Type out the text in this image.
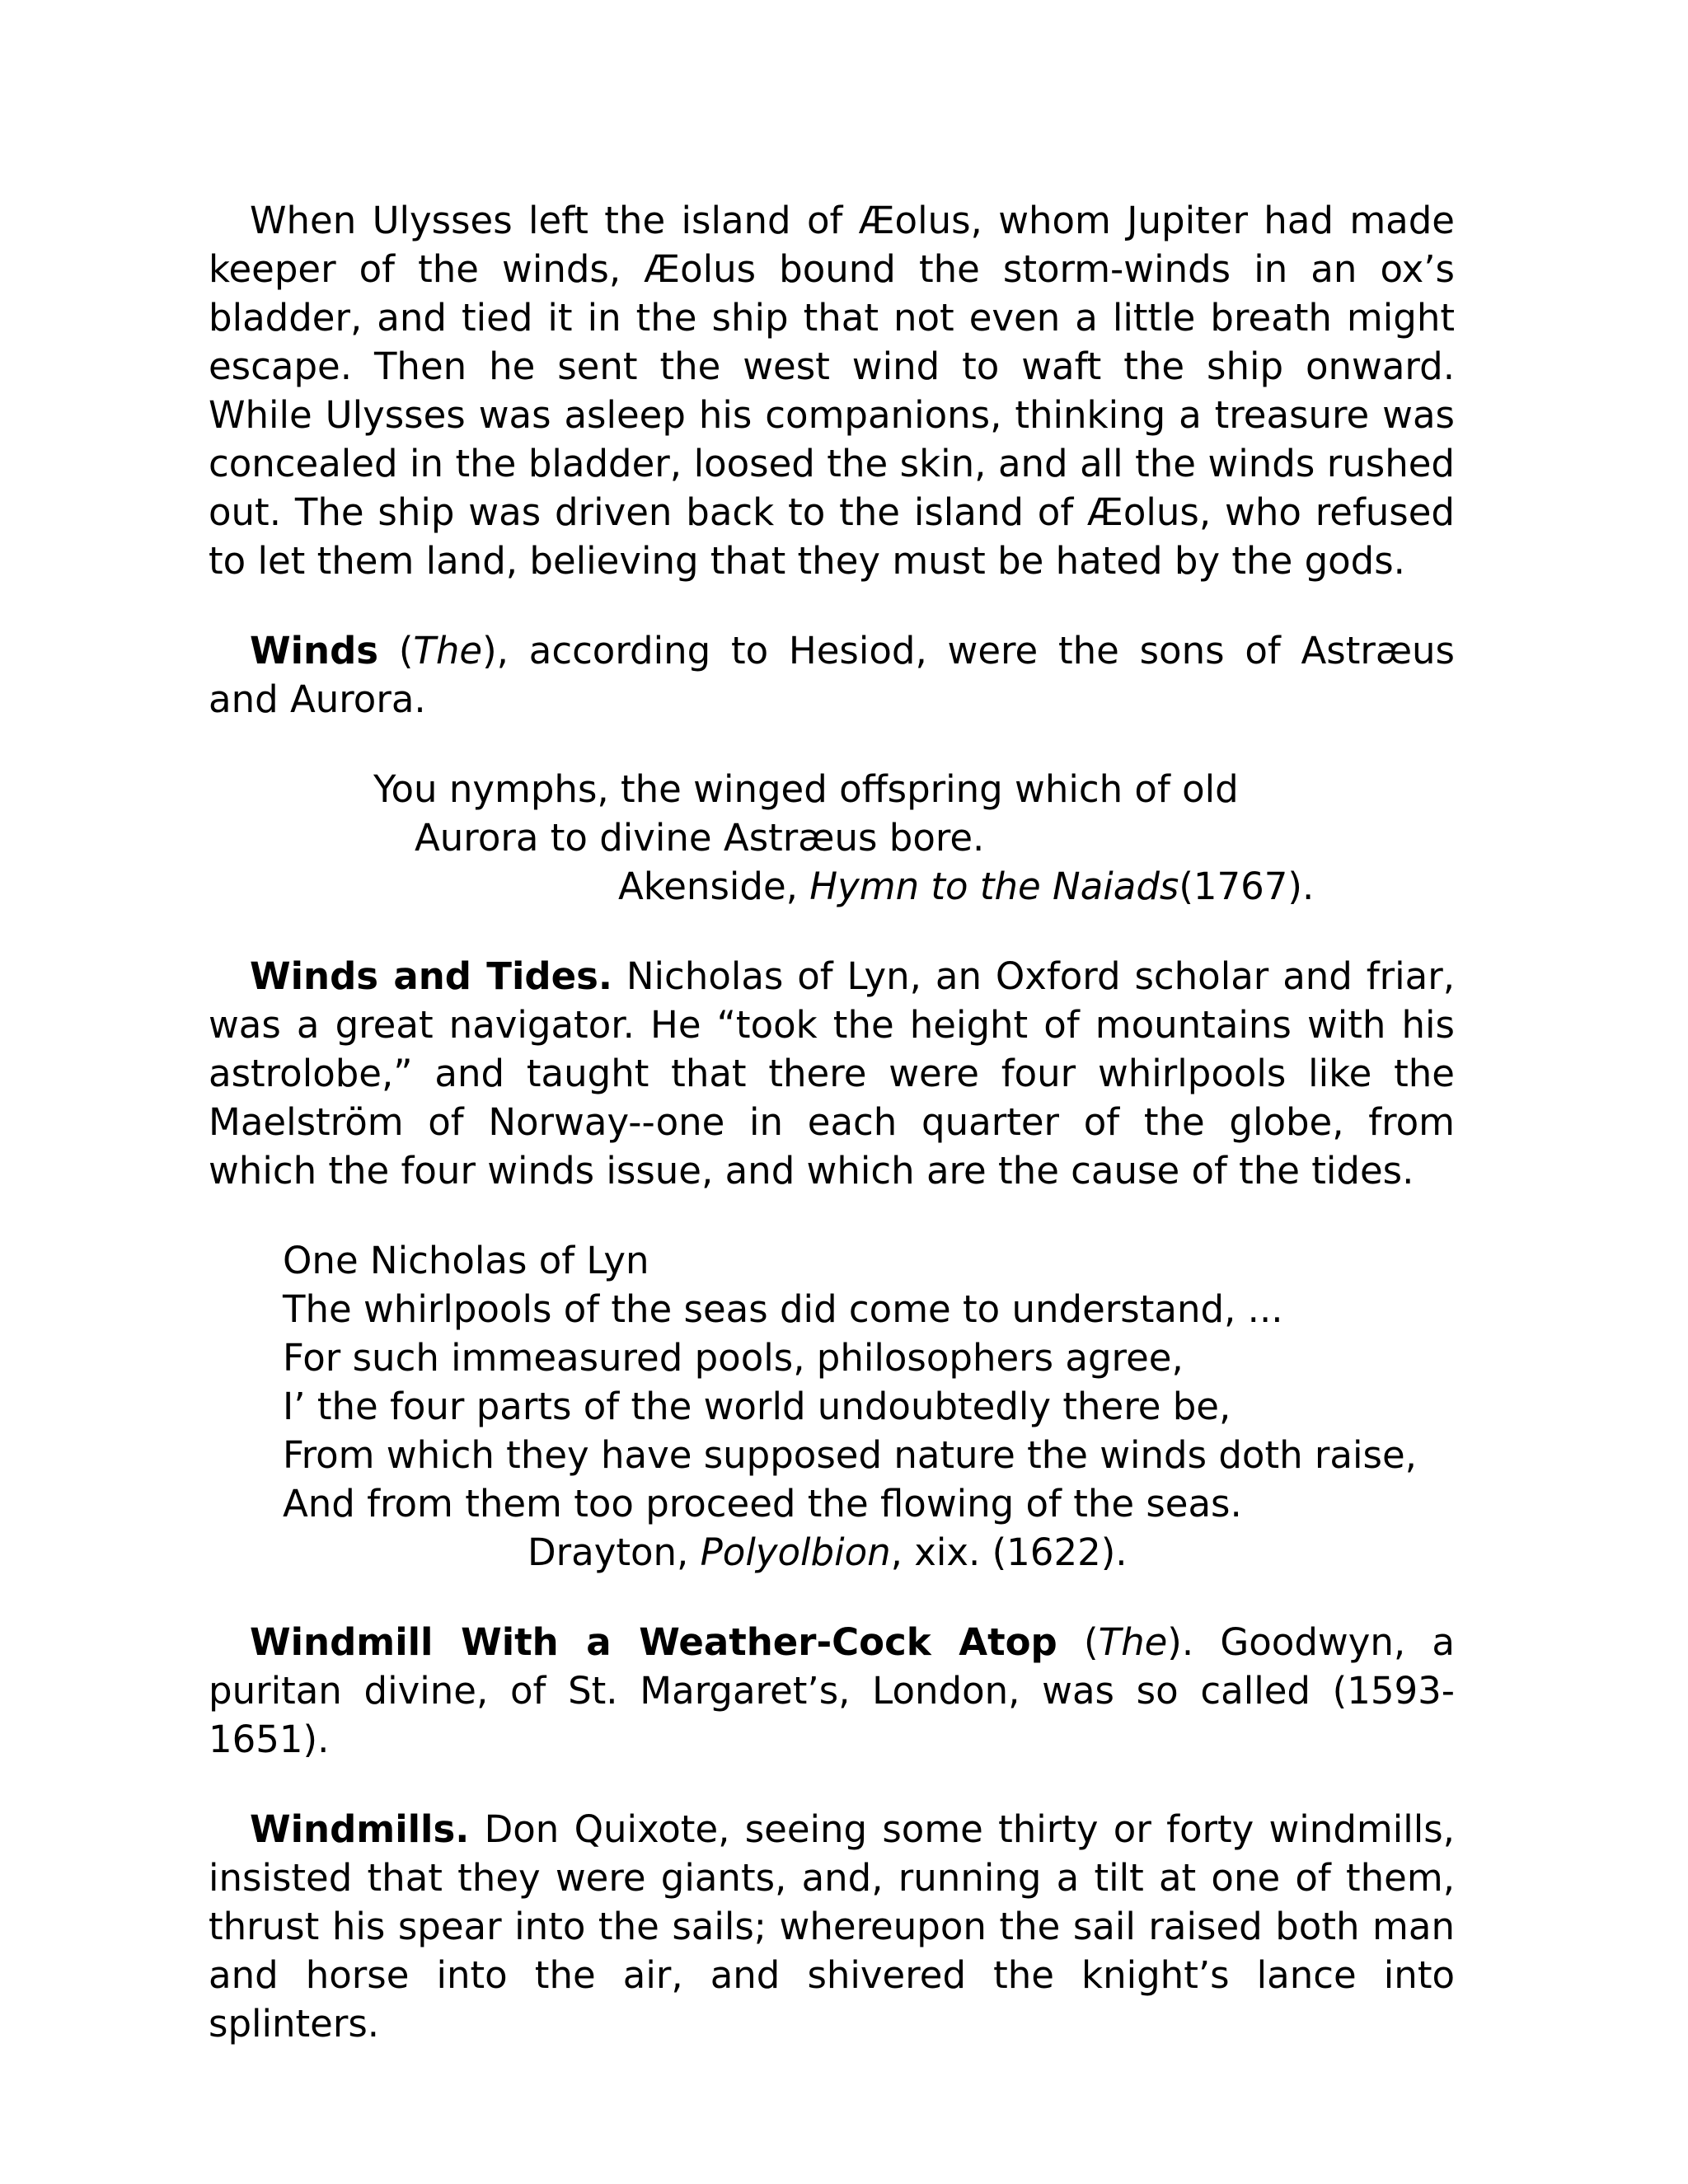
When Ulysses left the island of Æolus, whom Jupiter had made keeper of the winds, Æolus bound the storm-winds in an ox’s bladder, and tied it in the ship that not even a little breath might escape. Then he sent the west wind to waft the ship onward. While Ulysses was asleep his companions, thinking a treasure was concealed in the bladder, loosed the skin, and all the winds rushed out. The ship was driven back to the island of Æolus, who refused to let them land, believing that they must be hated by the gods.

Winds (The), according to Hesiod, were the sons of Astræus and Aurora.

You nymphs, the winged offspring which of old
Aurora to divine Astræus bore.
Akenside, Hymn to the Naiads(1767).

Winds and Tides. Nicholas of Lyn, an Oxford scholar and friar, was a great navigator. He “took the height of mountains with his astrolobe,” and taught that there were four whirlpools like the Maelström of Norway--one in each quarter of the globe, from which the four winds issue, and which are the cause of the tides.

One Nicholas of Lyn
The whirlpools of the seas did come to understand, ...
For such immeasured pools, philosophers agree,
I’ the four parts of the world undoubtedly there be,
From which they have supposed nature the winds doth raise,
And from them too proceed the flowing of the seas.
Drayton, Polyolbion, xix. (1622).

Windmill With a Weather-Cock Atop (The). Goodwyn, a puritan divine, of St. Margaret’s, London, was so called (1593-1651).

Windmills. Don Quixote, seeing some thirty or forty windmills, insisted that they were giants, and, running a tilt at one of them, thrust his spear into the sails; whereupon the sail raised both man and horse into the air, and shivered the knight’s lance into splinters.
